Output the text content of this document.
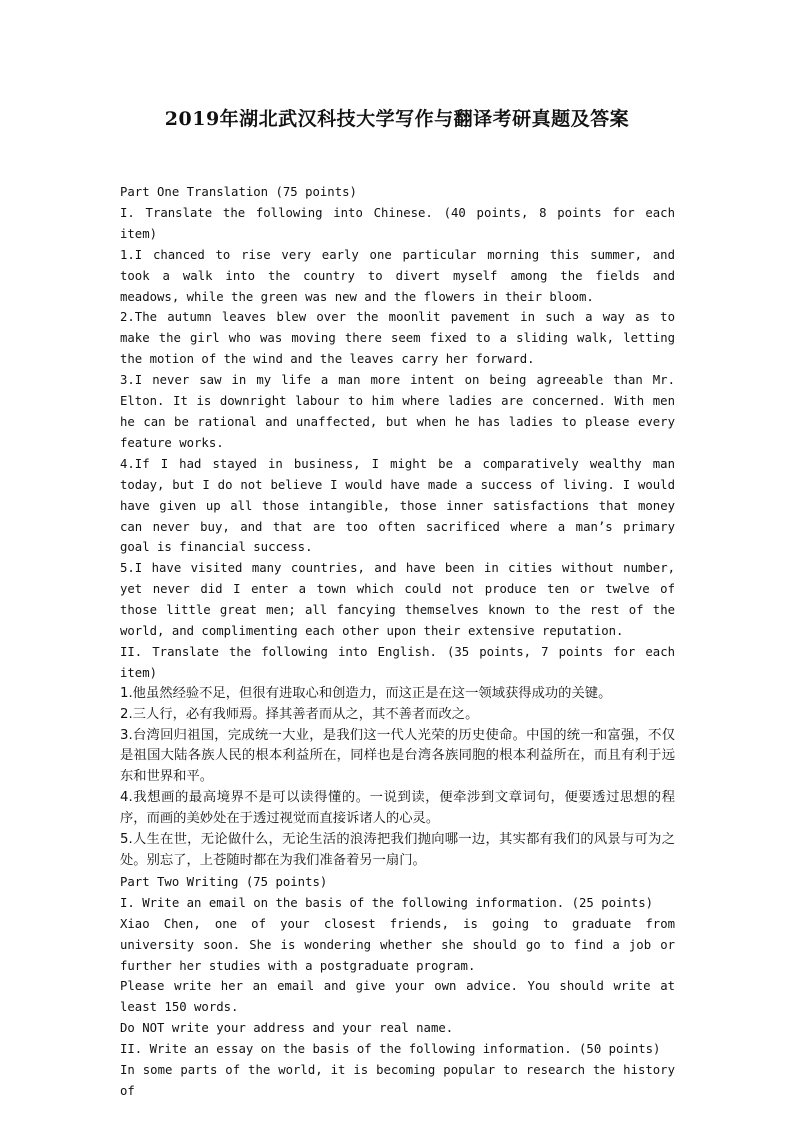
2019年湖北武汉科技大学写作与翻译考研真题及答案

Part One Translation (75 points)

I. Translate the following into Chinese. (40 points, 8 points for each item)

1.I chanced to rise very early one particular morning this summer, and took a walk into the country to divert myself among the fields and meadows, while the green was new and the flowers in their bloom.

2.The autumn leaves blew over the moonlit pavement in such a way as to make the girl who was moving there seem fixed to a sliding walk, letting the motion of the wind and the leaves carry her forward.

3.I never saw in my life a man more intent on being agreeable than Mr. Elton. It is downright labour to him where ladies are concerned. With men he can be rational and unaffected, but when he has ladies to please every feature works.

4.If I had stayed in business, I might be a comparatively wealthy man today, but I do not believe I would have made a success of living. I would have given up all those intangible, those inner satisfactions that money can never buy, and that are too often sacrificed where a man’s primary goal is financial success.

5.I have visited many countries, and have been in cities without number, yet never did I enter a town which could not produce ten or twelve of those little great men; all fancying themselves known to the rest of the world, and complimenting each other upon their extensive reputation.

II. Translate the following into English. (35 points, 7 points for each item)

1.他虽然经验不足，但很有进取心和创造力，而这正是在这一领域获得成功的关键。

2.三人行，必有我师焉。择其善者而从之，其不善者而改之。

3.台湾回归祖国，完成统一大业，是我们这一代人光荣的历史使命。中国的统一和富强，不仅是祖国大陆各族人民的根本利益所在，同样也是台湾各族同胞的根本利益所在，而且有利于远东和世界和平。

4.我想画的最高境界不是可以读得懂的。一说到读，便牵涉到文章词句，便要透过思想的程序，而画的美妙处在于透过视觉而直接诉诸人的心灵。

5.人生在世，无论做什么，无论生活的浪涛把我们抛向哪一边，其实都有我们的风景与可为之处。别忘了，上苍随时都在为我们准备着另一扇门。

Part Two Writing (75 points)

I. Write an email on the basis of the following information. (25 points)

Xiao Chen, one of your closest friends, is going to graduate from university soon. She is wondering whether she should go to find a job or further her studies with a postgraduate program.

Please write her an email and give your own advice. You should write at least 150 words.

Do NOT write your address and your real name.

II. Write an essay on the basis of the following information. (50 points)

In some parts of the world, it is becoming popular to research the history of
